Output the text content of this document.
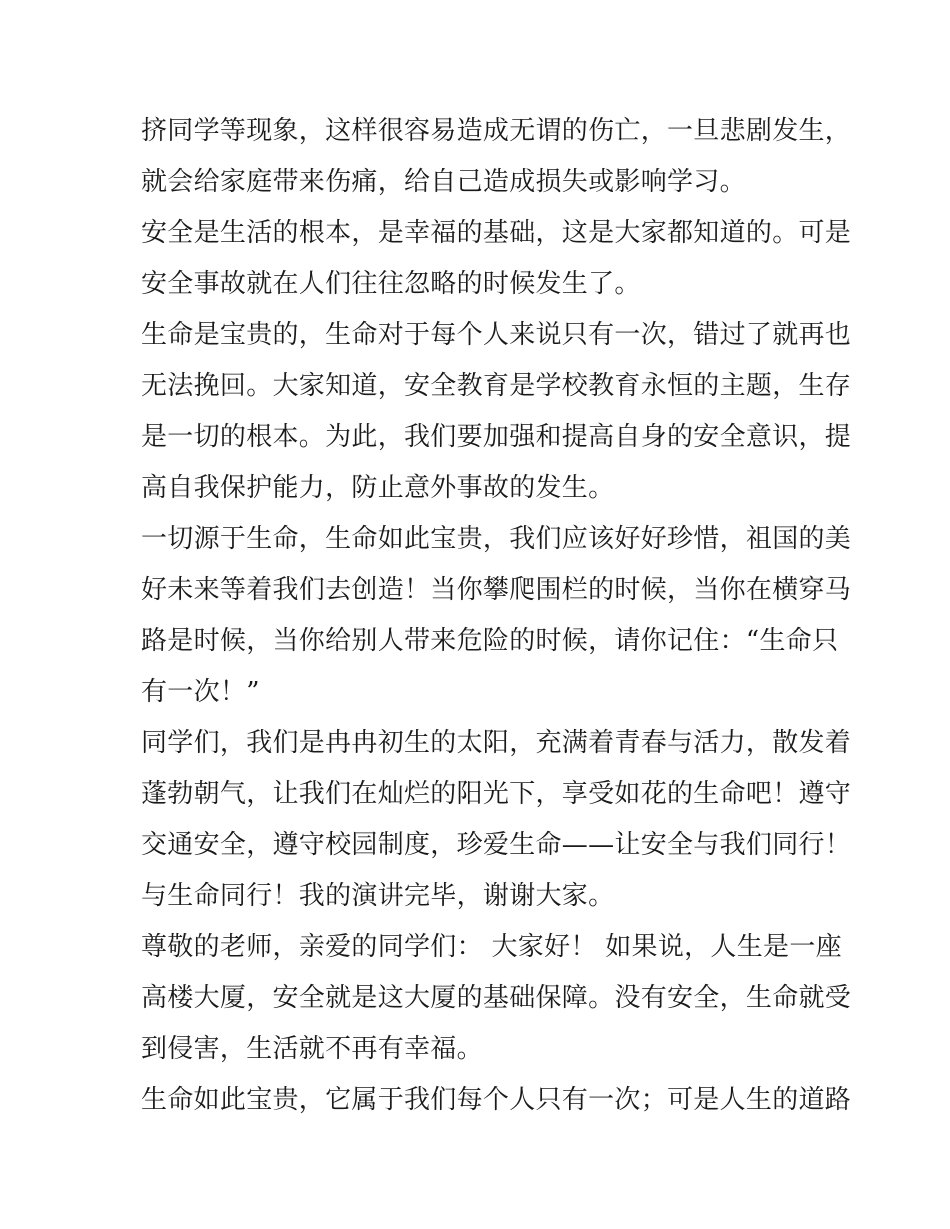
挤同学等现象，这样很容易造成无谓的伤亡，一旦悲剧发生，
就会给家庭带来伤痛，给自己造成损失或影响学习。
安全是生活的根本，是幸福的基础，这是大家都知道的。可是
安全事故就在人们往往忽略的时候发生了。
生命是宝贵的，生命对于每个人来说只有一次，错过了就再也
无法挽回。大家知道，安全教育是学校教育永恒的主题，生存
是一切的根本。为此，我们要加强和提高自身的安全意识，提
高自我保护能力，防止意外事故的发生。
一切源于生命，生命如此宝贵，我们应该好好珍惜，祖国的美
好未来等着我们去创造！当你攀爬围栏的时候，当你在横穿马
路是时候，当你给别人带来危险的时候，请你记住：“生命只
有一次！”
同学们，我们是冉冉初生的太阳，充满着青春与活力，散发着
蓬勃朝气，让我们在灿烂的阳光下，享受如花的生命吧！遵守
交通安全，遵守校园制度，珍爱生命——让安全与我们同行！
与生命同行！我的演讲完毕，谢谢大家。
尊敬的老师，亲爱的同学们： 大家好！ 如果说，人生是一座
高楼大厦，安全就是这大厦的基础保障。没有安全，生命就受
到侵害，生活就不再有幸福。
生命如此宝贵，它属于我们每个人只有一次；可是人生的道路
